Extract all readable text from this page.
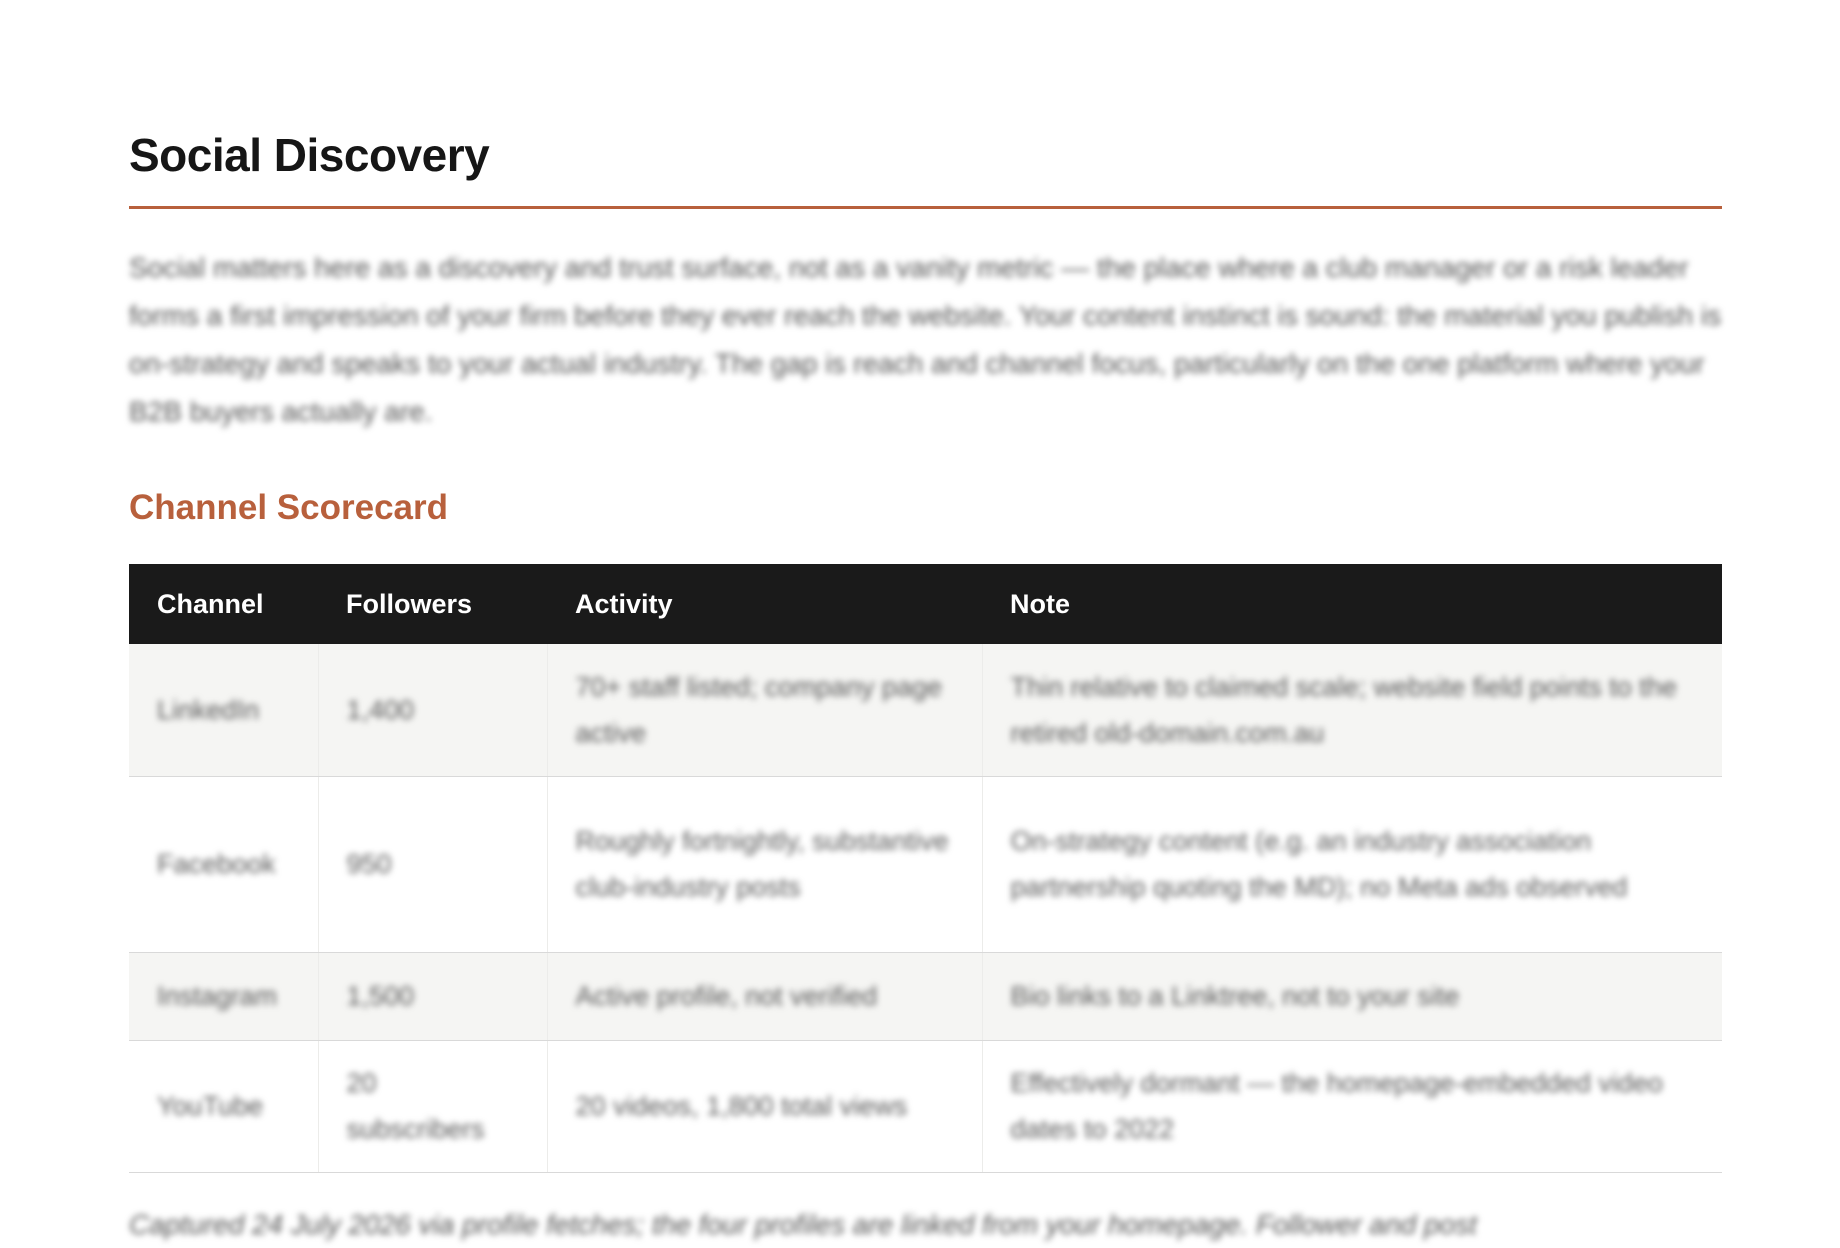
Social Discovery

Social matters here as a discovery and trust surface, not as a vanity metric — the place where a club manager or a risk leader forms a first impression of your firm before they ever reach the website. Your content instinct is sound: the material you publish is on-strategy and speaks to your actual industry. The gap is reach and channel focus, particularly on the one platform where your B2B buyers actually are.

Channel Scorecard
Channel	Followers	Activity	Note

LinkedIn	1,400	70+ staff listed; company page active	Thin relative to claimed scale; website field points to the retired old-domain.com.au

Facebook	950	Roughly fortnightly, substantive club-industry posts	On-strategy content (e.g. an industry association partnership quoting the MD); no Meta ads observed

Instagram	1,500	Active profile, not verified	Bio links to a Linktree, not to your site

YouTube	20 subscribers	20 videos, 1,800 total views	Effectively dormant — the homepage-embedded video dates to 2022

Captured 24 July 2026 via profile fetches; the four profiles are linked from your homepage. Follower and post
